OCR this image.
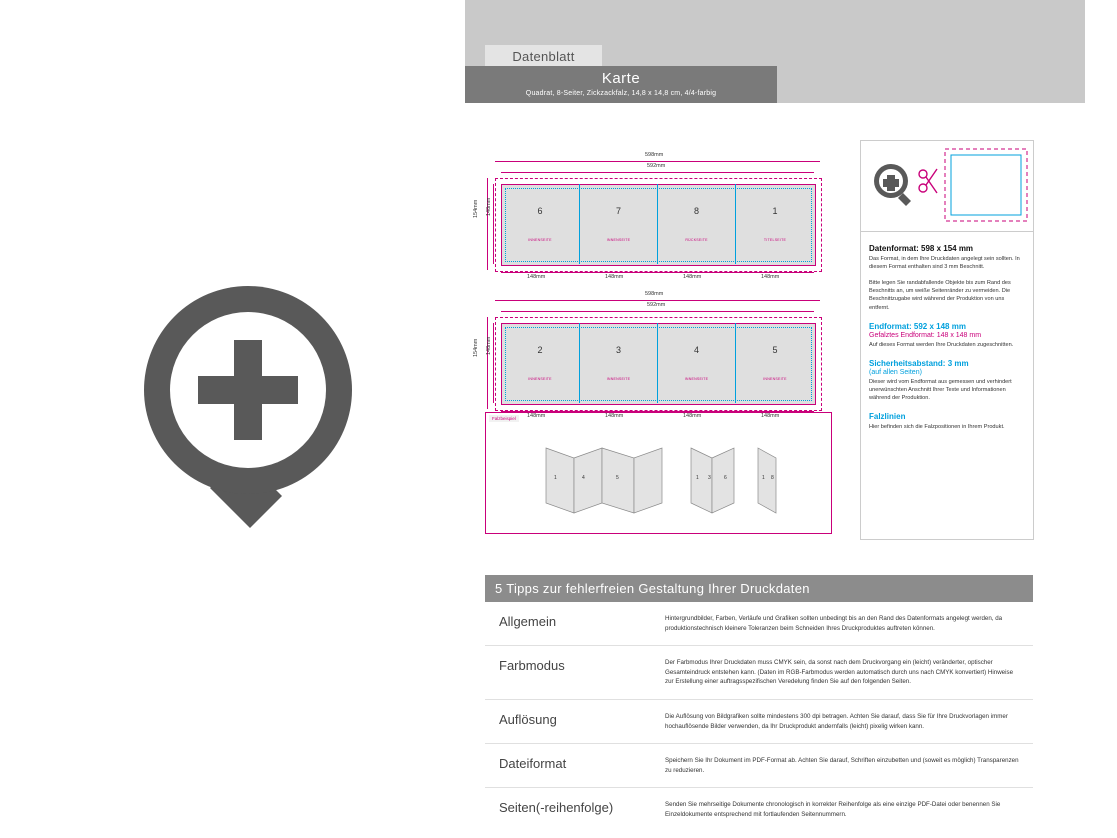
Datenblatt
Karte
Quadrat, 8-Seiter, Zickzackfalz, 14,8 x 14,8 cm, 4/4-farbig
598mm
592mm
154mm 148mm	6
INNENSEITE
7
INNENSEITE
8
RÜCKSEITE
1
TITELSEITE
148mm	148mm	148mm	148mm
598mm
592mm
154mm 148mm	2
INNENSEITE
3
INNENSEITE
4
INNENSEITE
5
INNENSEITE
148mm	148mm	148mm	148mm
Falzbeispiel
1	4	5	1 3	6	1 8
Datenformat: 598 x 154 mm
Das Format, in dem Ihre Druckdaten angelegt sein sollten. In diesem Format enthalten sind 3 mm Beschnitt.
Bitte legen Sie randabfallende Objekte bis zum Rand des Beschnitts an, um weiße Seitenränder zu vermeiden. Die Beschnittzugabe wird während der Produktion von uns entfernt.
Endformat: 592 x 148 mm
Gefalztes Endformat: 148 x 148 mm
Auf dieses Format werden Ihre Druckdaten zugeschnitten.
Sicherheitsabstand: 3 mm
(auf allen Seiten)
Dieser wird vom Endformat aus gemessen und verhindert unerwünschten Anschnitt Ihrer Texte und Informationen während der Produktion.
Falzlinien
Hier befinden sich die Falzpositionen in Ihrem Produkt.
5 Tipps zur fehlerfreien Gestaltung Ihrer Druckdaten
Allgemein	Hintergrundbilder, Farben, Verläufe und Grafiken sollten unbedingt bis an den Rand des Datenformats angelegt werden, da produktionstechnisch kleinere Toleranzen beim Schneiden Ihres Druckproduktes auftreten können.
Farbmodus	Der Farbmodus Ihrer Druckdaten muss CMYK sein, da sonst nach dem Druckvorgang ein (leicht) veränderter, optischer Gesamteindruck entstehen kann. (Daten im RGB-Farbmodus werden automatisch durch uns nach CMYK konvertiert) Hinweise zur Erstellung einer auftragsspezifischen Veredelung finden Sie auf den folgenden Seiten.
Auflösung	Die Auflösung von Bildgrafiken sollte mindestens 300 dpi betragen. Achten Sie darauf, dass Sie für Ihre Druckvorlagen immer hochauflösende Bilder verwenden, da Ihr Druckprodukt andernfalls (leicht) pixelig wirken kann.
Dateiformat	Speichern Sie Ihr Dokument im PDF-Format ab. Achten Sie darauf, Schriften einzubetten und (soweit es möglich) Transparenzen zu reduzieren.
Seiten(-reihenfolge)	Senden Sie mehrseitige Dokumente chronologisch in korrekter Reihenfolge als eine einzige PDF-Datei oder benennen Sie Einzeldokumente entsprechend mit fortlaufenden Seitennummern.
